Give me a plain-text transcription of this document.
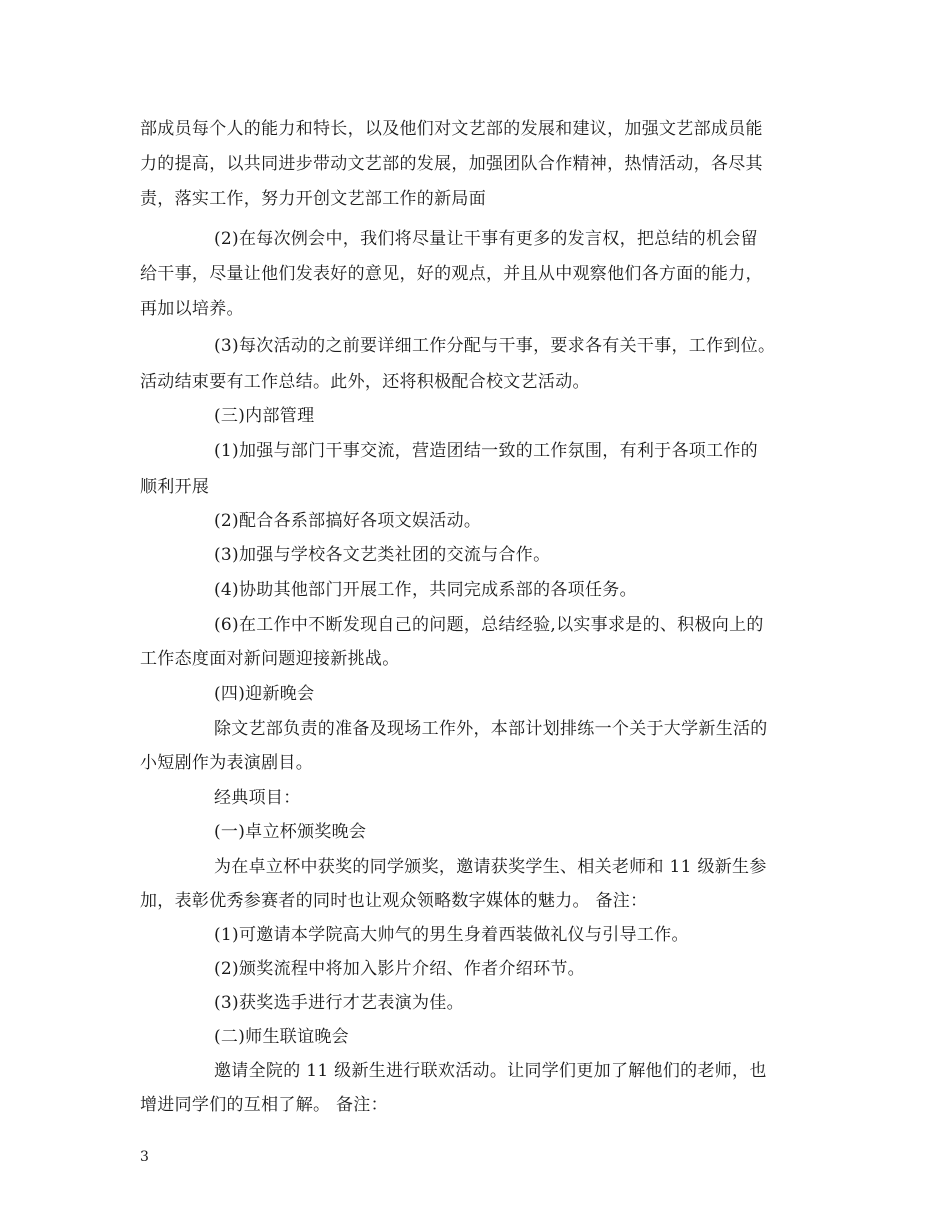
部成员每个人的能力和特长，以及他们对文艺部的发展和建议，加强文艺部成员能
力的提高，以共同进步带动文艺部的发展，加强团队合作精神，热情活动，各尽其
责，落实工作，努力开创文艺部工作的新局面
(2)在每次例会中，我们将尽量让干事有更多的发言权，把总结的机会留
给干事，尽量让他们发表好的意见，好的观点，并且从中观察他们各方面的能力，
再加以培养。
(3)每次活动的之前要详细工作分配与干事，要求各有关干事，工作到位。
活动结束要有工作总结。此外，还将积极配合校文艺活动。
(三)内部管理
(1)加强与部门干事交流，营造团结一致的工作氛围，有利于各项工作的
顺利开展
(2)配合各系部搞好各项文娱活动。
(3)加强与学校各文艺类社团的交流与合作。
(4)协助其他部门开展工作，共同完成系部的各项任务。
(6)在工作中不断发现自己的问题，总结经验,以实事求是的、积极向上的
工作态度面对新问题迎接新挑战。
(四)迎新晚会
除文艺部负责的准备及现场工作外，本部计划排练一个关于大学新生活的
小短剧作为表演剧目。
经典项目：
(一)卓立杯颁奖晚会
为在卓立杯中获奖的同学颁奖，邀请获奖学生、相关老师和 11 级新生参
加，表彰优秀参赛者的同时也让观众领略数字媒体的魅力。 备注：
(1)可邀请本学院高大帅气的男生身着西装做礼仪与引导工作。
(2)颁奖流程中将加入影片介绍、作者介绍环节。
(3)获奖选手进行才艺表演为佳。
(二)师生联谊晚会
邀请全院的 11 级新生进行联欢活动。让同学们更加了解他们的老师，也
增进同学们的互相了解。 备注：
3
